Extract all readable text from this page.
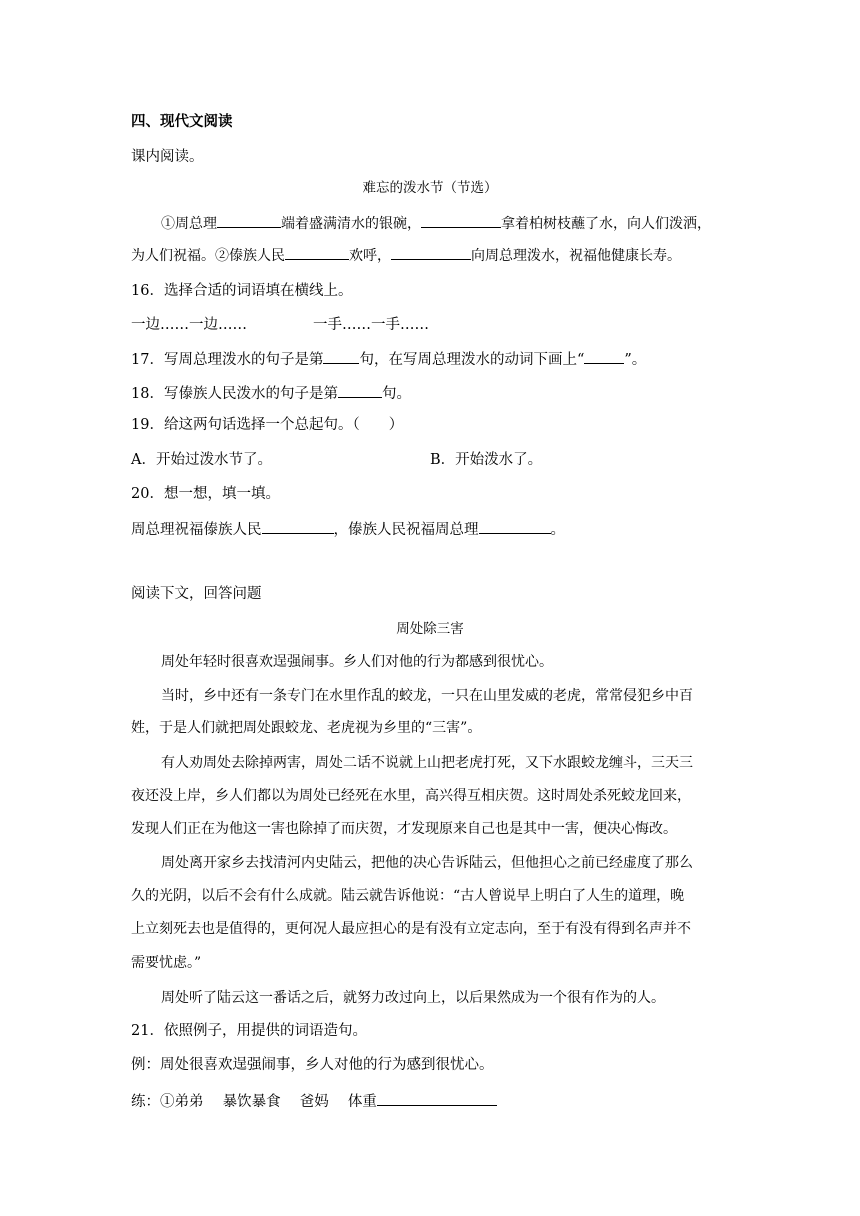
四、现代文阅读
课内阅读。
难忘的泼水节（节选）
①周总理	端着盛满清水的银碗，	拿着柏树枝蘸了水，向人们泼洒，
为人们祝福。②傣族人民	欢呼，	向周总理泼水，祝福他健康长寿。
16．选择合适的词语填在横线上。
一边……一边……	一手……一手……
17．写周总理泼水的句子是第 句，在写周总理泼水的动词下画上“	”。
18．写傣族人民泼水的句子是第	句。
19．给这两句话选择一个总起句。（　　）
A．开始过泼水节了。	B．开始泼水了。
20．想一想，填一填。
周总理祝福傣族人民	，傣族人民祝福周总理	。
阅读下文，回答问题
周处除三害
周处年轻时很喜欢逞强闹事。乡人们对他的行为都感到很忧心。
当时，乡中还有一条专门在水里作乱的蛟龙，一只在山里发威的老虎，常常侵犯乡中百
姓，于是人们就把周处跟蛟龙、老虎视为乡里的“三害”。
有人劝周处去除掉两害，周处二话不说就上山把老虎打死，又下水跟蛟龙缠斗，三天三
夜还没上岸，乡人们都以为周处已经死在水里，高兴得互相庆贺。这时周处杀死蛟龙回来，
发现人们正在为他这一害也除掉了而庆贺，才发现原来自己也是其中一害，便决心悔改。
周处离开家乡去找清河内史陆云，把他的决心告诉陆云，但他担心之前已经虚度了那么
久的光阴，以后不会有什么成就。陆云就告诉他说：“古人曾说早上明白了人生的道理，晚
上立刻死去也是值得的，更何况人最应担心的是有没有立定志向，至于有没有得到名声并不
需要忧虑。”
周处听了陆云这一番话之后，就努力改过向上，以后果然成为一个很有作为的人。
21．依照例子，用提供的词语造句。
例：周处很喜欢逞强闹事，乡人对他的行为感到很忧心。
练：①弟弟　 暴饮暴食 　爸妈　 体重
